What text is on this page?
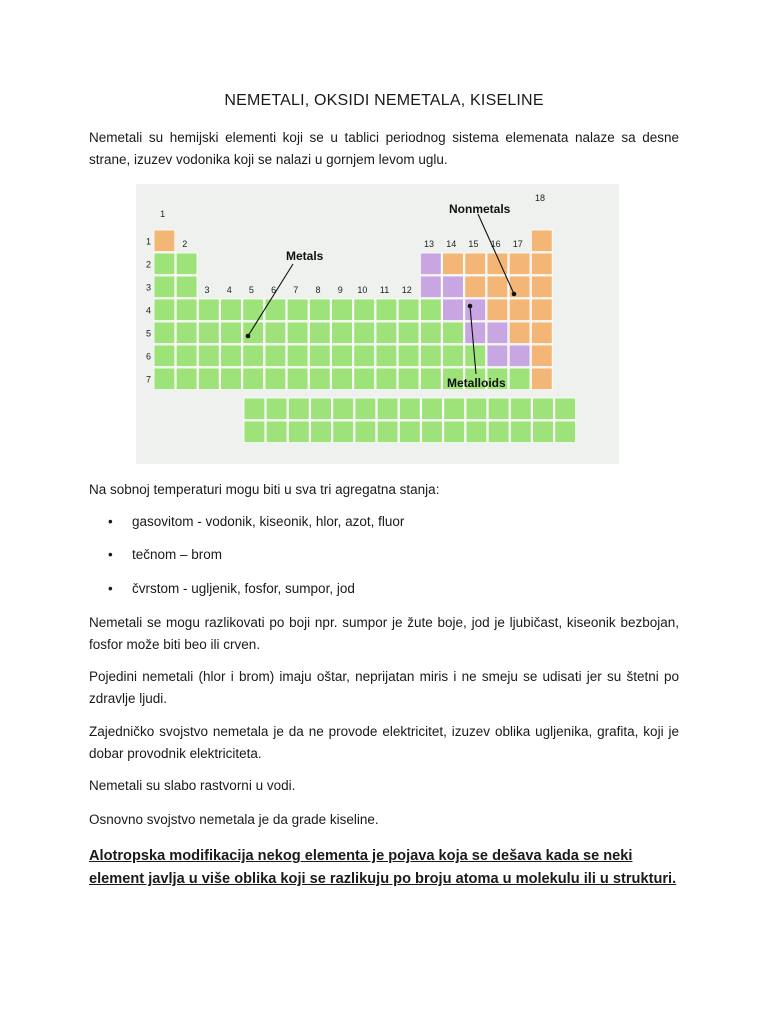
NEMETALI, OKSIDI NEMETALA, KISELINE
Nemetali su hemijski elementi koji se u tablici periodnog sistema elemenata nalaze sa desne strane, izuzev vodonika koji se nalazi u gornjem levom uglu.
1
2
3 4 5 6 7 8 9 10 11 12
13 14 15 16 17
18
1
2
3
4
5
6
7
Metals
Nonmetals
Metalloids
Na sobnoj temperaturi mogu biti u sva tri agregatna stanja:
• gasovitom - vodonik, kiseonik, hlor, azot, fluor
• tečnom – brom
• čvrstom - ugljenik, fosfor, sumpor, jod
Nemetali se mogu razlikovati po boji npr. sumpor je žute boje, jod je ljubičast, kiseonik bezbojan, fosfor može biti beo ili crven.
Pojedini nemetali (hlor i brom) imaju oštar, neprijatan miris i ne smeju se udisati jer su štetni po zdravlje ljudi.
Zajedničko svojstvo nemetala je da ne provode elektricitet, izuzev oblika ugljenika, grafita, koji je dobar provodnik elektriciteta.
Nemetali su slabo rastvorni u vodi.
Osnovno svojstvo nemetala je da grade kiseline.
Alotropska modifikacija nekog elementa je pojava koja se dešava kada se neki element javlja u više oblika koji se razlikuju po broju atoma u molekulu ili u strukturi.
